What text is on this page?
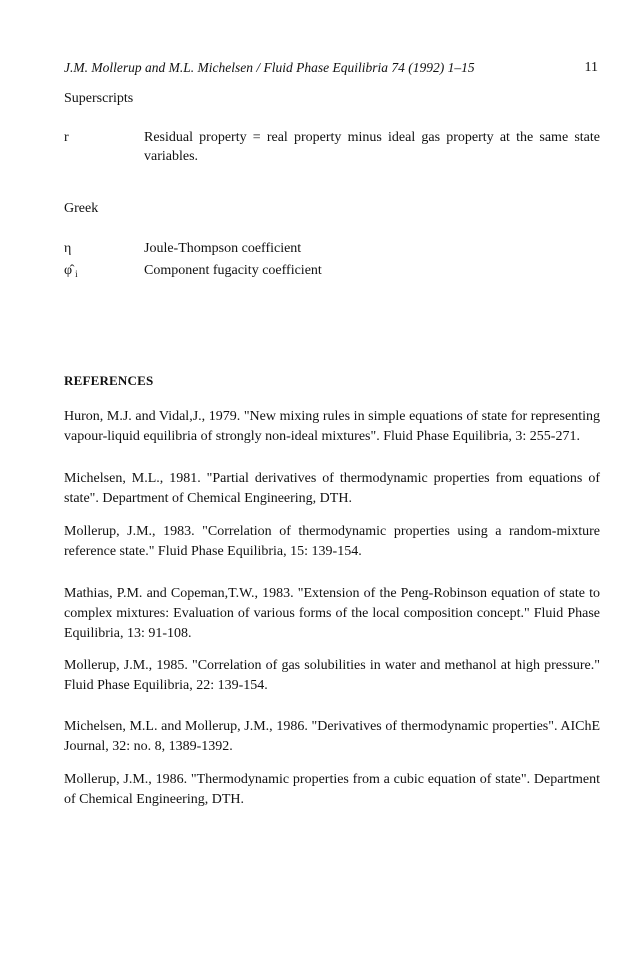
J.M. Mollerup and M.L. Michelsen / Fluid Phase Equilibria 74 (1992) 1–15	11
Superscripts
r	Residual property = real property minus ideal gas property at the same state variables.
Greek
η	Joule-Thompson coefficient
φ̂ $_i$	Component fugacity coefficient
REFERENCES
Huron, M.J. and Vidal,J., 1979. "New mixing rules in simple equations of state for representing vapour-liquid equilibria of strongly non-ideal mixtures". Fluid Phase Equilibria, 3: 255-271.
Michelsen, M.L., 1981. "Partial derivatives of thermodynamic properties from equations of state". Department of Chemical Engineering, DTH.
Mollerup, J.M., 1983. "Correlation of thermodynamic properties using a random-mixture reference state." Fluid Phase Equilibria, 15: 139-154.
Mathias, P.M. and Copeman,T.W., 1983. "Extension of the Peng-Robinson equation of state to complex mixtures: Evaluation of various forms of the local composition concept." Fluid Phase Equilibria, 13: 91-108.
Mollerup, J.M., 1985. "Correlation of gas solubilities in water and methanol at high pressure." Fluid Phase Equilibria, 22: 139-154.
Michelsen, M.L. and Mollerup, J.M., 1986. "Derivatives of thermodynamic properties". AIChE Journal, 32: no. 8, 1389-1392.
Mollerup, J.M., 1986. "Thermodynamic properties from a cubic equation of state". Department of Chemical Engineering, DTH.
